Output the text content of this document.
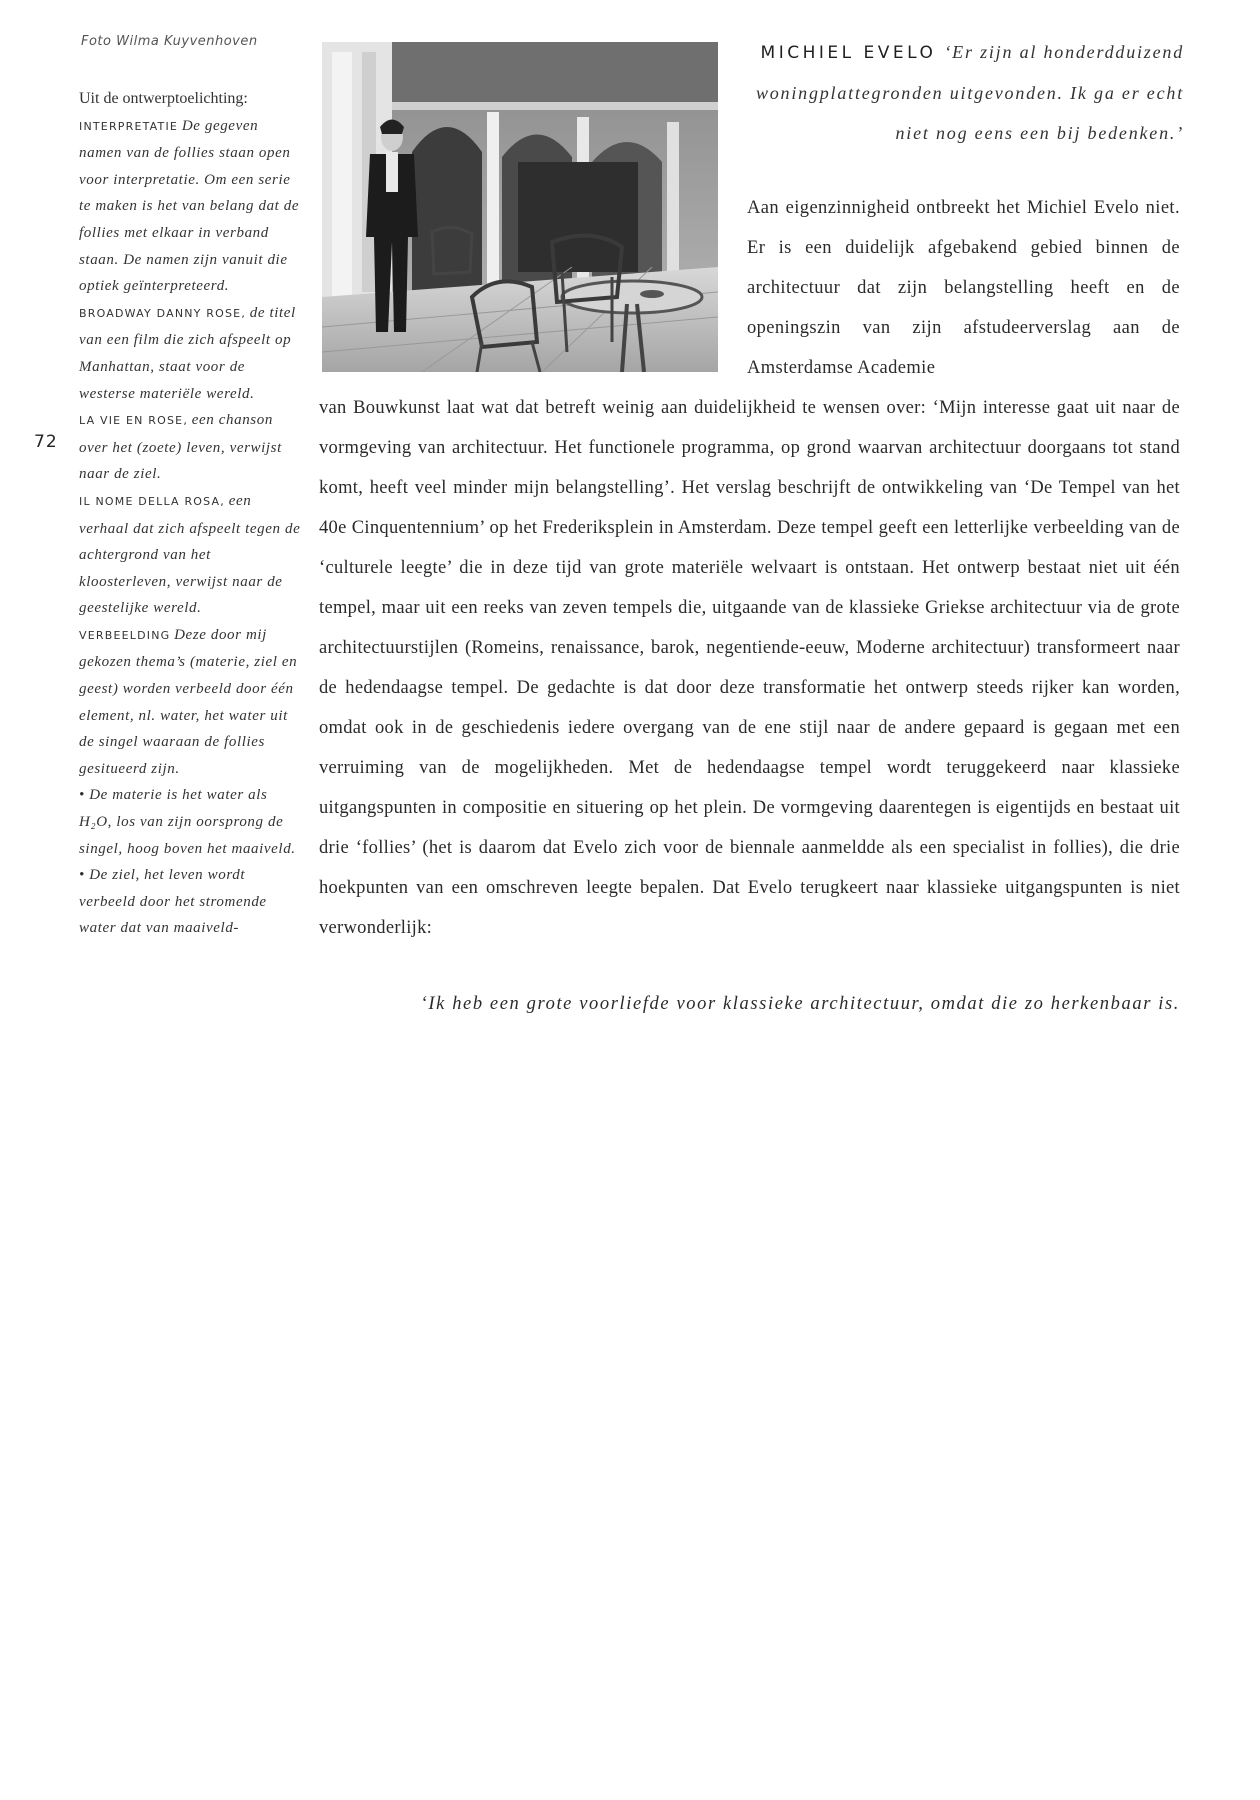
Foto Wilma Kuyvenhoven
72
Uit de ontwerptoelichting:
INTERPRETATIE De gegeven namen van de follies staan open voor interpretatie. Om een serie te maken is het van belang dat de follies met elkaar in verband staan. De namen zijn vanuit die optiek geïnterpreteerd.
BROADWAY DANNY ROSE, de titel van een film die zich afspeelt op Manhattan, staat voor de westerse materiële wereld.
LA VIE EN ROSE, een chanson over het (zoete) leven, verwijst naar de ziel.
IL NOME DELLA ROSA, een verhaal dat zich afspeelt tegen de achtergrond van het kloosterleven, verwijst naar de geestelijke wereld.
VERBEELDING Deze door mij gekozen thema’s (materie, ziel en geest) worden verbeeld door één element, nl. water, het water uit de singel waaraan de follies gesitueerd zijn.
• De materie is het water als H₂O, los van zijn oorsprong de singel, hoog boven het maaiveld.
• De ziel, het leven wordt verbeeld door het stromende water dat van maaiveld-
MICHIEL EVELO ‘Er zijn al honderdduizend woningplattegronden uitgevonden. Ik ga er echt niet nog eens een bij bedenken.’
Aan eigenzinnigheid ontbreekt het Michiel Evelo niet. Er is een duidelijk afgebakend gebied binnen de architectuur dat zijn belangstelling heeft en de openingszin van zijn afstudeerverslag aan de Amsterdamse Academie
van Bouwkunst laat wat dat betreft weinig aan duidelijkheid te wensen over: ‘Mijn interesse gaat uit naar de vormgeving van architectuur. Het functionele programma, op grond waarvan architectuur doorgaans tot stand komt, heeft veel minder mijn belangstelling’. Het verslag beschrijft de ontwikkeling van ‘De Tempel van het 40e Cinquentennium’ op het Frederiksplein in Amsterdam. Deze tempel geeft een letterlijke verbeelding van de ‘culturele leegte’ die in deze tijd van grote materiële welvaart is ontstaan. Het ontwerp bestaat niet uit één tempel, maar uit een reeks van zeven tempels die, uitgaande van de klassieke Griekse architectuur via de grote architectuurstijlen (Romeins, renaissance, barok, negentiende-eeuw, Moderne architectuur) transformeert naar de hedendaagse tempel. De gedachte is dat door deze transformatie het ontwerp steeds rijker kan worden, omdat ook in de geschiedenis iedere overgang van de ene stijl naar de andere gepaard is gegaan met een verruiming van de mogelijkheden. Met de hedendaagse tempel wordt teruggekeerd naar klassieke uitgangspunten in compositie en situering op het plein. De vormgeving daarentegen is eigentijds en bestaat uit drie ‘follies’ (het is daarom dat Evelo zich voor de biennale aanmeldde als een specialist in follies), die drie hoekpunten van een omschreven leegte bepalen. Dat Evelo terugkeert naar klassieke uitgangspunten is niet verwonderlijk:
‘Ik heb een grote voorliefde voor klassieke architectuur, omdat die zo herkenbaar is.
